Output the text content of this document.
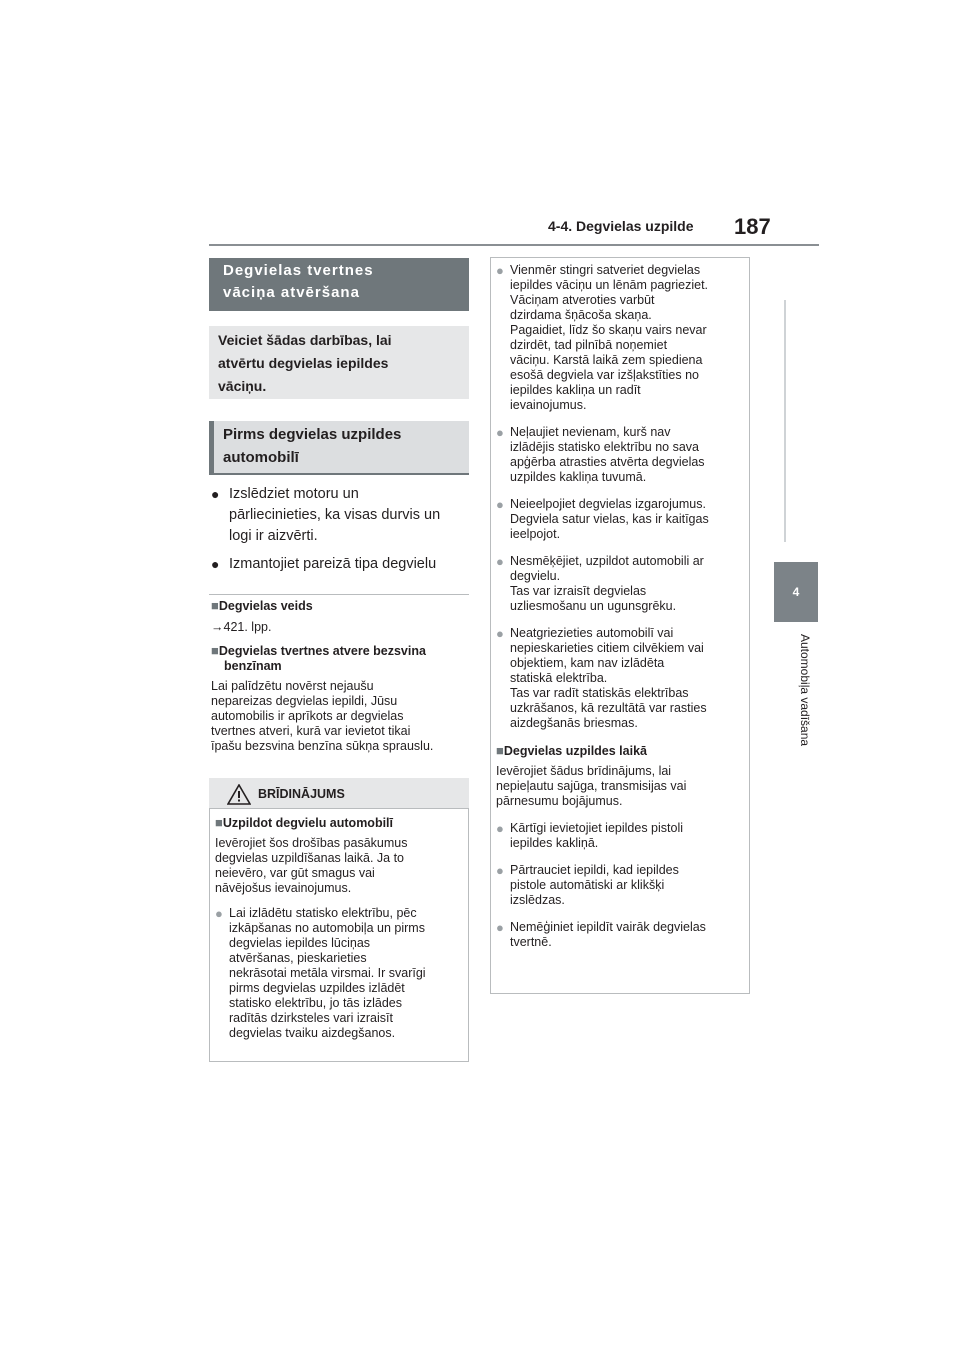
4-4. Degvielas uzpilde 187
4
Automobiļa vadīšana
Degvielas tvertnes
vāciņa atvēršana
Veiciet šādas darbības, lai
atvērtu degvielas iepildes
vāciņu.
Pirms degvielas uzpildes
automobilī
● Izslēdziet motoru un
pārliecinieties, ka visas durvis un
logi ir aizvērti.
● Izmantojiet pareizā tipa degvielu
■Degvielas veids
→421. lpp.
■Degvielas tvertnes atvere bezsvina
benzīnam
Lai palīdzētu novērst nejaušu
nepareizas degvielas iepildi, Jūsu
automobilis ir aprīkots ar degvielas
tvertnes atveri, kurā var ievietot tikai
īpašu bezsvina benzīna sūkņa sprauslu.
BRĪDINĀJUMS
■Uzpildot degvielu automobilī
Ievērojiet šos drošības pasākumus
degvielas uzpildīšanas laikā. Ja to
neievēro, var gūt smagus vai
nāvējošus ievainojumus.
● Lai izlādētu statisko elektrību, pēc
izkāpšanas no automobiļa un pirms
degvielas iepildes lūciņas
atvēršanas, pieskarieties
nekrāsotai metāla virsmai. Ir svarīgi
pirms degvielas uzpildes izlādēt
statisko elektrību, jo tās izlādes
radītās dzirksteles vari izraisīt
degvielas tvaiku aizdegšanos.
● Vienmēr stingri satveriet degvielas
iepildes vāciņu un lēnām pagrieziet.
Vāciņam atveroties varbūt
dzirdama šņācoša skaņa.
Pagaidiet, līdz šo skaņu vairs nevar
dzirdēt, tad pilnībā noņemiet
vāciņu. Karstā laikā zem spiediena
esošā degviela var izšļakstīties no
iepildes kakliņa un radīt
ievainojumus.
● Neļaujiet nevienam, kurš nav
izlādējis statisko elektrību no sava
apģērba atrasties atvērta degvielas
uzpildes kakliņa tuvumā.
● Neieelpojiet degvielas izgarojumus.
Degviela satur vielas, kas ir kaitīgas
ieelpojot.
● Nesmēķējiet, uzpildot automobili ar
degvielu.
Tas var izraisīt degvielas
uzliesmošanu un ugunsgrēku.
● Neatgriezieties automobilī vai
nepieskarieties citiem cilvēkiem vai
objektiem, kam nav izlādēta
statiskā elektrība.
Tas var radīt statiskās elektrības
uzkrāšanos, kā rezultātā var rasties
aizdegšanās briesmas.
■Degvielas uzpildes laikā
Ievērojiet šādus brīdinājums, lai
nepieļautu sajūga, transmisijas vai
pārnesumu bojājumus.
● Kārtīgi ievietojiet iepildes pistoli
iepildes kakliņā.
● Pārtrauciet iepildi, kad iepildes
pistole automātiski ar klikšķi
izslēdzas.
● Nemēģiniet iepildīt vairāk degvielas
tvertnē.
